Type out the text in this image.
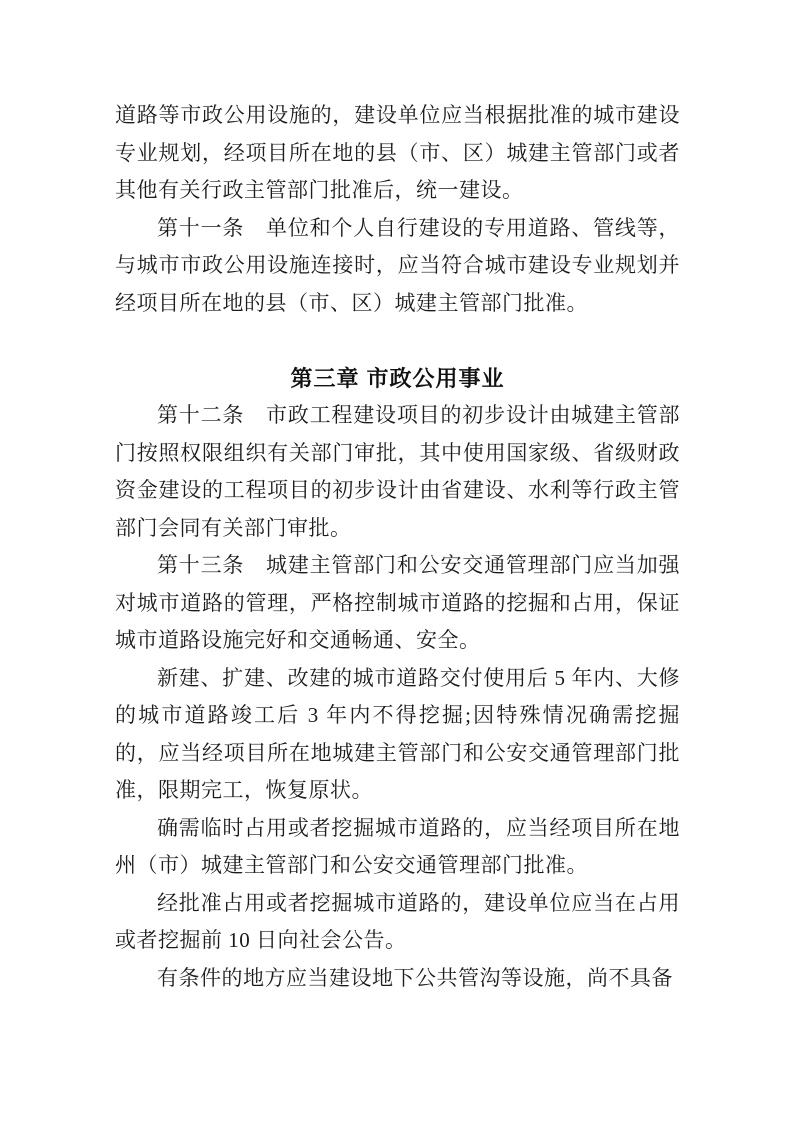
道路等市政公用设施的，建设单位应当根据批准的城市建设专业规划，经项目所在地的县（市、区）城建主管部门或者其他有关行政主管部门批准后，统一建设。

第十一条　单位和个人自行建设的专用道路、管线等，与城市市政公用设施连接时，应当符合城市建设专业规划并经项目所在地的县（市、区）城建主管部门批准。

第三章 市政公用事业

第十二条　市政工程建设项目的初步设计由城建主管部门按照权限组织有关部门审批，其中使用国家级、省级财政资金建设的工程项目的初步设计由省建设、水利等行政主管部门会同有关部门审批。

第十三条　城建主管部门和公安交通管理部门应当加强对城市道路的管理，严格控制城市道路的挖掘和占用，保证城市道路设施完好和交通畅通、安全。

新建、扩建、改建的城市道路交付使用后 5 年内、大修的城市道路竣工后 3 年内不得挖掘;因特殊情况确需挖掘的，应当经项目所在地城建主管部门和公安交通管理部门批准，限期完工，恢复原状。

确需临时占用或者挖掘城市道路的，应当经项目所在地州（市）城建主管部门和公安交通管理部门批准。

经批准占用或者挖掘城市道路的，建设单位应当在占用或者挖掘前 10 日向社会公告。

有条件的地方应当建设地下公共管沟等设施，尚不具备
